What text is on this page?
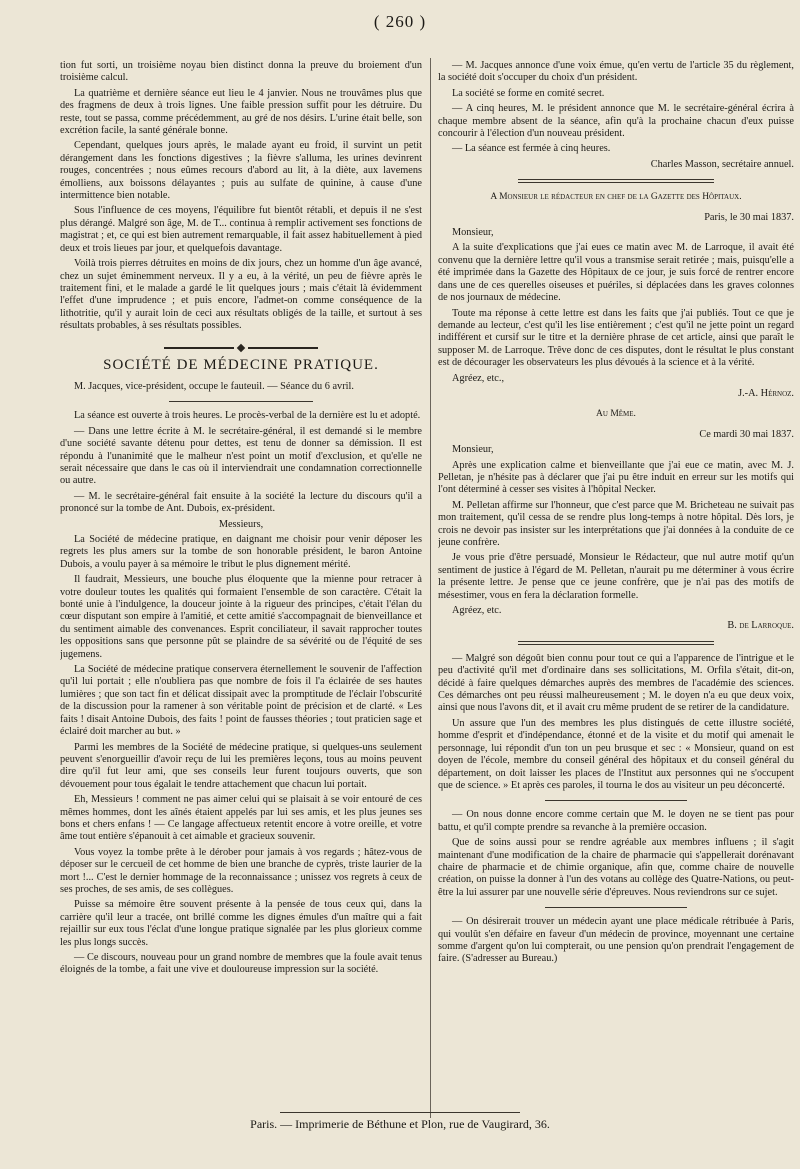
( 260 )

tion fut sorti, un troisième noyau bien distinct donna la preuve du broiement d'un troisième calcul.

La quatrième et dernière séance eut lieu le 4 janvier. Nous ne trouvâmes plus que des fragmens de deux à trois lignes. Une faible pression suffit pour les détruire. Du reste, tout se passa, comme précédemment, au gré de nos désirs. L'urine était belle, son excrétion facile, la santé générale bonne.

Cependant, quelques jours après, le malade ayant eu froid, il survint un petit dérangement dans les fonctions digestives ; la fièvre s'alluma, les urines devinrent rouges, concentrées ; nous eûmes recours d'abord au lit, à la diète, aux lavemens émolliens, aux boissons délayantes ; puis au sulfate de quinine, à cause d'une intermittence bien notable.

Sous l'influence de ces moyens, l'équilibre fut bientôt rétabli, et depuis il ne s'est plus dérangé. Malgré son âge, M. de T... continua à remplir activement ses fonctions de magistrat ; et, ce qui est bien autrement remarquable, il fait assez habituellement à pied deux et trois lieues par jour, et quelquefois davantage.

Voilà trois pierres détruites en moins de dix jours, chez un homme d'un âge avancé, chez un sujet éminemment nerveux. Il y a eu, à la vérité, un peu de fièvre après le traitement fini, et le malade a gardé le lit quelques jours ; mais c'était là évidemment l'effet d'une imprudence ; et puis encore, l'admet-on comme conséquence de la lithotritie, qu'il y aurait loin de ceci aux résultats obligés de la taille, et surtout à ses résultats probables, à ses résultats possibles.

SOCIÉTÉ DE MÉDECINE PRATIQUE.

M. Jacques, vice-président, occupe le fauteuil. — Séance du 6 avril.

La séance est ouverte à trois heures. Le procès-verbal de la dernière est lu et adopté.

— Dans une lettre écrite à M. le secrétaire-général, il est demandé si le membre d'une société savante détenu pour dettes, est tenu de donner sa démission. Il est répondu à l'unanimité que le malheur n'est point un motif d'exclusion, et qu'elle ne serait nécessaire que dans le cas où il interviendrait une condamnation correctionnelle ou autre.

— M. le secrétaire-général fait ensuite à la société la lecture du discours qu'il a prononcé sur la tombe de Ant. Dubois, ex-président.

Messieurs,

La Société de médecine pratique, en daignant me choisir pour venir déposer les regrets les plus amers sur la tombe de son honorable président, le baron Antoine Dubois, a voulu payer à sa mémoire le tribut le plus dignement mérité.

Il faudrait, Messieurs, une bouche plus éloquente que la mienne pour retracer à votre douleur toutes les qualités qui formaient l'ensemble de son caractère. C'était la bonté unie à l'indulgence, la douceur jointe à la rigueur des principes, c'était l'élan du cœur disputant son empire à l'amitié, et cette amitié s'accompagnait de bienveillance et du sentiment aimable des convenances. Esprit conciliateur, il savait rapprocher toutes les oppositions sans que personne pût se plaindre de sa sévérité ou de l'équité de ses jugemens.

La Société de médecine pratique conservera éternellement le souvenir de l'affection qu'il lui portait ; elle n'oubliera pas que nombre de fois il l'a éclairée de ses hautes lumières ; que son tact fin et délicat dissipait avec la promptitude de l'éclair l'obscurité de la discussion pour la ramener à son véritable point de précision et de clarté. « Les faits ! disait Antoine Dubois, des faits ! point de fausses théories ; tout praticien sage et éclairé doit marcher au but. »

Parmi les membres de la Société de médecine pratique, si quelques-uns seulement peuvent s'enorgueillir d'avoir reçu de lui les premières leçons, tous au moins peuvent dire qu'il fut leur ami, que ses conseils leur furent toujours ouverts, que son dévouement pour tous égalait le tendre attachement que chacun lui portait.

Eh, Messieurs ! comment ne pas aimer celui qui se plaisait à se voir entouré de ces mêmes hommes, dont les aînés étaient appelés par lui ses amis, et les plus jeunes ses bons et chers enfans ! — Ce langage affectueux retentit encore à votre oreille, et votre âme tout entière s'épanouit à cet aimable et gracieux souvenir.

Vous voyez la tombe prête à le dérober pour jamais à vos regards ; hâtez-vous de déposer sur le cercueil de cet homme de bien une branche de cyprès, triste laurier de la mort !... C'est le dernier hommage de la reconnaissance ; unissez vos regrets à ceux de ses proches, de ses amis, de ses collègues.

Puisse sa mémoire être souvent présente à la pensée de tous ceux qui, dans la carrière qu'il leur a tracée, ont brillé comme les dignes émules d'un maître qui a fait rejaillir sur eux tous l'éclat d'une longue pratique signalée par les plus glorieux comme les plus longs succès.

— Ce discours, nouveau pour un grand nombre de membres que la foule avait tenus éloignés de la tombe, a fait une vive et douloureuse impression sur la société.

— M. Jacques annonce d'une voix émue, qu'en vertu de l'article 35 du règlement, la société doit s'occuper du choix d'un président.

La société se forme en comité secret.

— A cinq heures, M. le président annonce que M. le secrétaire-général écrira à chaque membre absent de la séance, afin qu'à la prochaine chacun d'eux puisse concourir à l'élection d'un nouveau président.

— La séance est fermée à cinq heures.

Charles Masson, secrétaire annuel.

A Monsieur le rédacteur en chef de la Gazette des Hôpitaux.

Paris, le 30 mai 1837.

Monsieur,

A la suite d'explications que j'ai eues ce matin avec M. de Larroque, il avait été convenu que la dernière lettre qu'il vous a transmise serait retirée ; mais, puisqu'elle a été imprimée dans la Gazette des Hôpitaux de ce jour, je suis forcé de rentrer encore dans une de ces querelles oiseuses et puériles, si déplacées dans les graves colonnes de nos journaux de médecine.

Toute ma réponse à cette lettre est dans les faits que j'ai publiés. Tout ce que je demande au lecteur, c'est qu'il les lise entièrement ; c'est qu'il ne jette point un regard indifférent et cursif sur le titre et la dernière phrase de cet article, ainsi que paraît le supposer M. de Larroque. Trêve donc de ces disputes, dont le résultat le plus constant est de décourager les observateurs les plus dévoués à la science et à la vérité.

Agréez, etc.,

J.-A. Hérnoz.

Au Même.

Ce mardi 30 mai 1837.

Monsieur,

Après une explication calme et bienveillante que j'ai eue ce matin, avec M. J. Pelletan, je n'hésite pas à déclarer que j'ai pu être induit en erreur sur les motifs qui l'ont déterminé à cesser ses visites à l'hôpital Necker.

M. Pelletan affirme sur l'honneur, que c'est parce que M. Bricheteau ne suivait pas mon traitement, qu'il cessa de se rendre plus long-temps à notre hôpital. Dès lors, je crois ne devoir pas insister sur les interprétations que j'ai données à la conduite de ce jeune confrère.

Je vous prie d'être persuadé, Monsieur le Rédacteur, que nul autre motif qu'un sentiment de justice à l'égard de M. Pelletan, n'aurait pu me déterminer à vous écrire la présente lettre. Je pense que ce jeune confrère, que je n'ai pas des motifs de mésestimer, vous en fera la déclaration formelle.

Agréez, etc.

B. de Larroque.

— Malgré son dégoût bien connu pour tout ce qui a l'apparence de l'intrigue et le peu d'activité qu'il met d'ordinaire dans ses sollicitations, M. Orfila s'était, dit-on, décidé à faire quelques démarches auprès des membres de l'académie des sciences. Ces démarches ont peu réussi malheureusement ; M. le doyen n'a eu que deux voix, ainsi que nous l'avons dit, et il avait cru même prudent de se retirer de la candidature.

Un assure que l'un des membres les plus distingués de cette illustre société, homme d'esprit et d'indépendance, étonné et de la visite et du motif qui amenait le personnage, lui répondit d'un ton un peu brusque et sec : « Monsieur, quand on est doyen de l'école, membre du conseil général des hôpitaux et du conseil général du département, on doit laisser les places de l'Institut aux personnes qui ne s'occupent que de science. » Et après ces paroles, il tourna le dos au visiteur un peu déconcerté.

— On nous donne encore comme certain que M. le doyen ne se tient pas pour battu, et qu'il compte prendre sa revanche à la première occasion.

Que de soins aussi pour se rendre agréable aux membres influens ; il s'agit maintenant d'une modification de la chaire de pharmacie qui s'appellerait dorénavant chaire de pharmacie et de chimie organique, afin que, comme chaire de nouvelle création, on puisse la donner à l'un des votans au collège des Quatre-Nations, ou peut-être la lui assurer par une nouvelle série d'épreuves. Nous reviendrons sur ce sujet.

— On désirerait trouver un médecin ayant une place médicale rétribuée à Paris, qui voulût s'en défaire en faveur d'un médecin de province, moyennant une certaine somme d'argent qu'on lui compterait, ou une pension qu'on prendrait l'engagement de faire. (S'adresser au Bureau.)

Paris. — Imprimerie de Béthune et Plon, rue de Vaugirard, 36.
